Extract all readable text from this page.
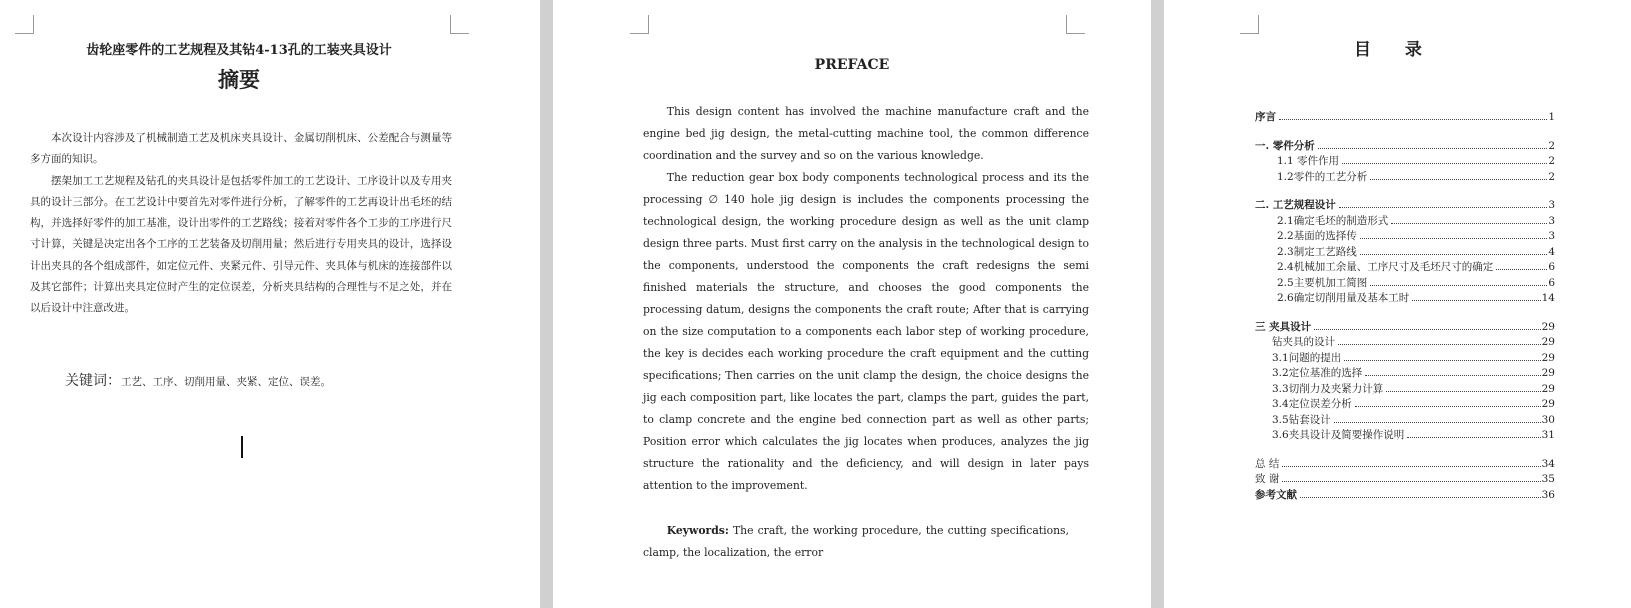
齿轮座零件的工艺规程及其钻4-13孔的工装夹具设计
摘要

本次设计内容涉及了机械制造工艺及机床夹具设计、金属切削机床、公差配合与测量等多方面的知识。

摆架加工工艺规程及钻孔的夹具设计是包括零件加工的工艺设计、工序设计以及专用夹具的设计三部分。在工艺设计中要首先对零件进行分析，了解零件的工艺再设计出毛坯的结构，并选择好零件的加工基准，设计出零件的工艺路线；接着对零件各个工步的工序进行尺寸计算，关键是决定出各个工序的工艺装备及切削用量；然后进行专用夹具的设计，选择设计出夹具的各个组成部件，如定位元件、夹紧元件、引导元件、夹具体与机床的连接部件以及其它部件；计算出夹具定位时产生的定位误差，分析夹具结构的合理性与不足之处，并在以后设计中注意改进。

关键词：工艺、工序、切削用量、夹紧、定位、误差。
PREFACE

This design content has involved the machine manufacture craft and the engine bed jig design, the metal-cutting machine tool, the common difference coordination and the survey and so on the various knowledge.

The reduction gear box body components technological process and its the processing ∅ 140 hole jig design is includes the components processing the technological design, the working procedure design as well as the unit clamp design three parts. Must first carry on the analysis in the technological design to the components, understood the components the craft redesigns the semi finished materials the structure, and chooses the good components the processing datum, designs the components the craft route; After that is carrying on the size computation to a components each labor step of working procedure, the key is decides each working procedure the craft equipment and the cutting specifications; Then carries on the unit clamp the design, the choice designs the jig each composition part, like locates the part, clamps the part, guides the part, to clamp concrete and the engine bed connection part as well as other parts; Position error which calculates the jig locates when produces, analyzes the jig structure the rationality and the deficiency, and will design in later pays attention to the improvement.

Keywords: The craft, the working procedure, the cutting specifications, clamp, the localization, the error
目 录
序言	1
一. 零件分析	2
1.1 零件作用	2
1.2零件的工艺分析	2
二. 工艺规程设计	3
2.1确定毛坯的制造形式	3
2.2基面的选择传	3
2.3制定工艺路线	4
2.4机械加工余量、工序尺寸及毛坯尺寸的确定	6
2.5主要机加工简图	6
2.6确定切削用量及基本工时	14
三 夹具设计	29
钻夹具的设计	29
3.1问题的提出	29
3.2定位基准的选择	29
3.3切削力及夹紧力计算	29
3.4定位误差分析	29
3.5钻套设计	30
3.6夹具设计及简要操作说明	31
总 结	34
致 谢	35
参考文献	36
